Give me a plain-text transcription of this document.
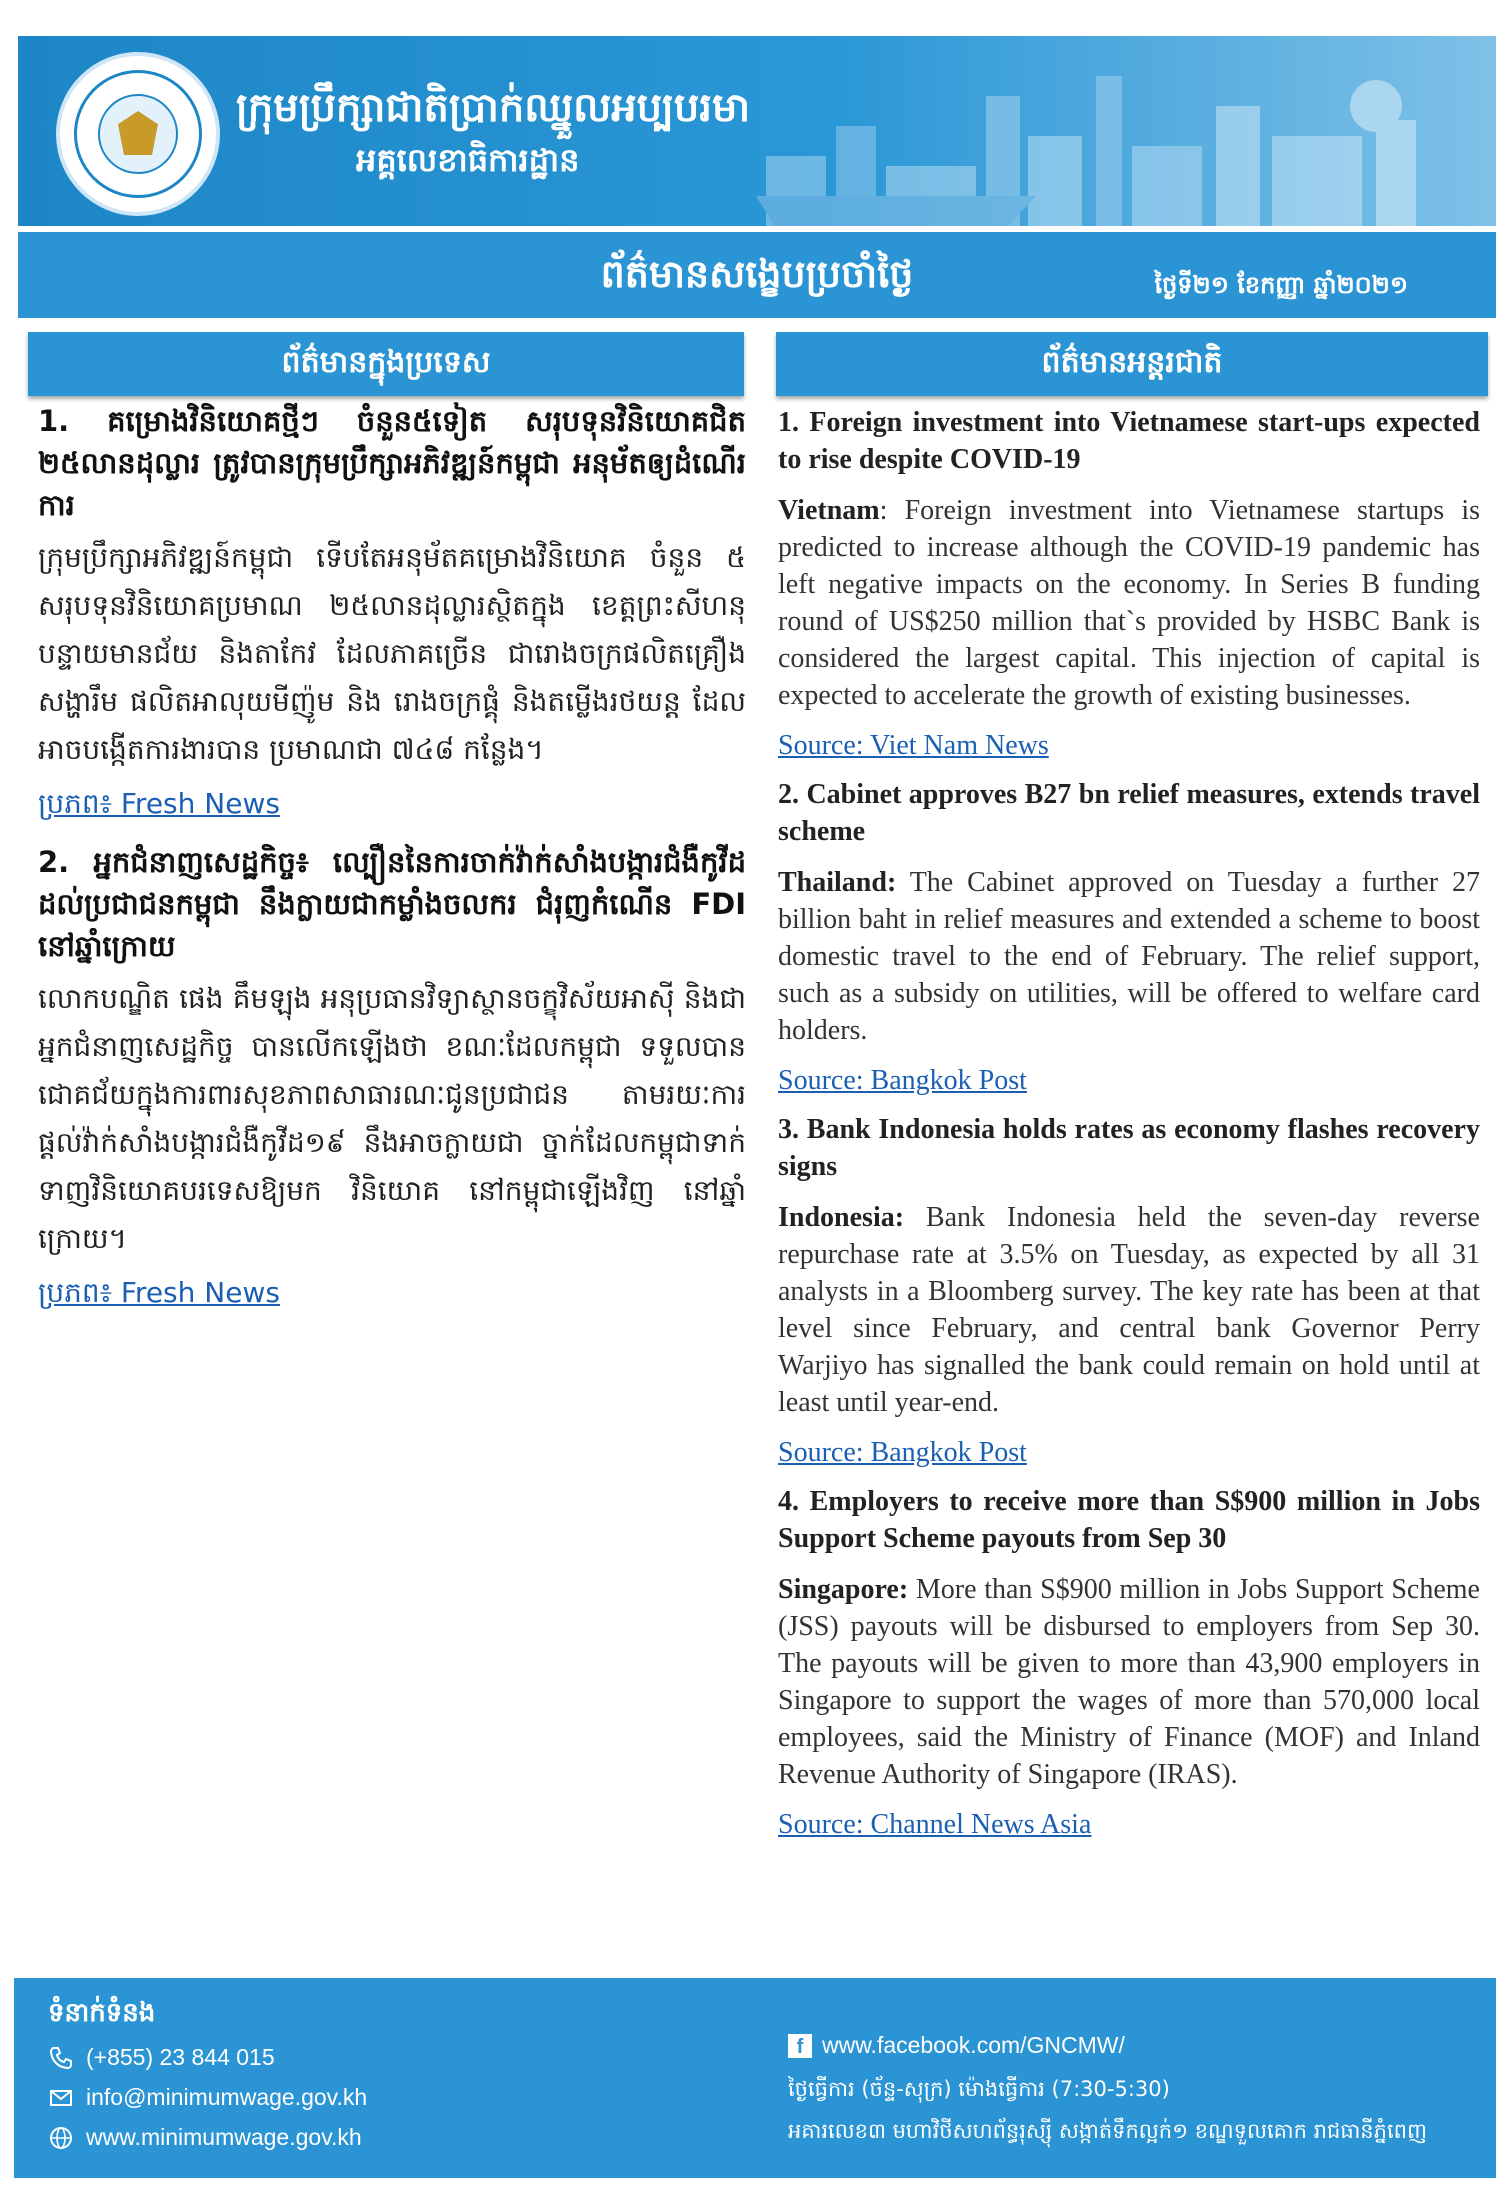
ក្រុមប្រឹក្សាជាតិប្រាក់ឈ្នួលអប្បបរមា
អគ្គលេខាធិការដ្ឋាន
ព័ត៌មានសង្ខេបប្រចាំថ្ងៃ	ថ្ងៃទី២១ ខែកញ្ញា ឆ្នាំ២០២១
ព័ត៌មានក្នុងប្រទេស	ព័ត៌មានអន្តរជាតិ
1. គម្រោងវិនិយោគថ្មីៗ ចំនួន៥ទៀត សរុបទុនវិនិយោគជិត ២៥លានដុល្លារ ត្រូវបានក្រុមប្រឹក្សាអភិវឌ្ឍន៍កម្ពុជា អនុម័តឲ្យដំណើរការ
ក្រុមប្រឹក្សាអភិវឌ្ឍន៍កម្ពុជា ទើបតែអនុម័តគម្រោងវិនិយោគ ចំនួន ៥ សរុបទុនវិនិយោគប្រមាណ ២៥លានដុល្លារស្ថិតក្នុង ខេត្តព្រះសីហនុ បន្ទាយមានជ័យ និងតាកែវ ដែលភាគច្រើន ជារោងចក្រផលិតគ្រឿងសង្ហារឹម ផលិតអាលុយមីញ៉ូម និង រោងចក្រផ្គុំ និងតម្លើងរថយន្ត ដែលអាចបង្កើតការងារបាន ប្រមាណជា ៧៤៨ កន្លែង។
ប្រភព៖ Fresh News
2. អ្នកជំនាញសេដ្ឋកិច្ច៖ ល្បឿននៃការចាក់វ៉ាក់សាំងបង្ការជំងឺកូវីដ ដល់ប្រជាជនកម្ពុជា នឹងក្លាយជាកម្លាំងចលករ ជំរុញកំណើន FDI នៅឆ្នាំក្រោយ
លោកបណ្ឌិត ផេង គឹមឡុង អនុប្រធានវិទ្យាស្ថានចក្ខុវិស័យអាស៊ី និងជាអ្នកជំនាញសេដ្ឋកិច្ច បានលើកឡើងថា ខណៈដែលកម្ពុជា ទទួលបានជោគជ័យក្នុងការពារសុខភាពសាធារណៈជូនប្រជាជន តាមរយៈការផ្តល់វ៉ាក់សាំងបង្ការជំងឺកូវីដ១៩ នឹងអាចក្លាយជា ច្នាក់ដែលកម្ពុជាទាក់ ទាញវិនិយោគបរទេសឱ្យមក វិនិយោគ នៅកម្ពុជាឡើងវិញ នៅឆ្នាំក្រោយ។
ប្រភព៖ Fresh News
1. Foreign investment into Vietnamese start-ups expected to rise despite COVID-19
Vietnam: Foreign investment into Vietnamese startups is predicted to increase although the COVID-19 pandemic has left negative impacts on the economy. In Series B funding round of US$250 million that`s provided by HSBC Bank is considered the largest capital. This injection of capital is expected to accelerate the growth of existing businesses.
Source: Viet Nam News
2. Cabinet approves B27 bn relief measures, extends travel scheme
Thailand: The Cabinet approved on Tuesday a further 27 billion baht in relief measures and extended a scheme to boost domestic travel to the end of February. The relief support, such as a subsidy on utilities, will be offered to welfare card holders.
Source: Bangkok Post
3. Bank Indonesia holds rates as economy flashes recovery signs
Indonesia: Bank Indonesia held the seven-day reverse repurchase rate at 3.5% on Tuesday, as expected by all 31 analysts in a Bloomberg survey. The key rate has been at that level since February, and central bank Governor Perry Warjiyo has signalled the bank could remain on hold until at least until year-end.
Source: Bangkok Post
4. Employers to receive more than S$900 million in Jobs Support Scheme payouts from Sep 30
Singapore: More than S$900 million in Jobs Support Scheme (JSS) payouts will be disbursed to employers from Sep 30. The payouts will be given to more than 43,900 employers in Singapore to support the wages of more than 570,000 local employees, said the Ministry of Finance (MOF) and Inland Revenue Authority of Singapore (IRAS).
Source: Channel News Asia
ទំនាក់ទំនង
(+855) 23 844 015
info@minimumwage.gov.kh
www.minimumwage.gov.kh
f www.facebook.com/GNCMW/
ថ្ងៃធ្វើការ (ច័ន្ទ-សុក្រ) ម៉ោងធ្វើការ (7:30-5:30)
អគារលេខ៣ មហាវិថីសហព័ន្ធរុស្ស៊ី សង្កាត់ទឹកល្អក់១ ខណ្ឌទួលគោក រាជធានីភ្នំពេញ
